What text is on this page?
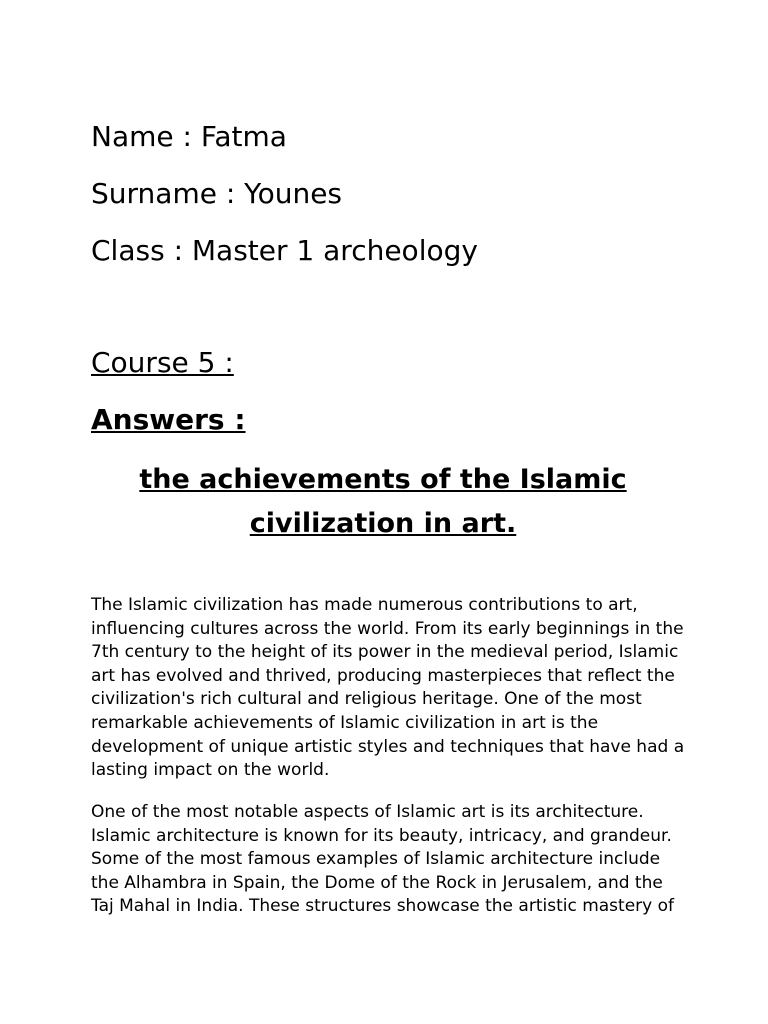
Name : Fatma
Surname : Younes
Class : Master 1 archeology
Course 5 :
Answers :
the achievements of the Islamic
civilization in art.
The Islamic civilization has made numerous contributions to art,
influencing cultures across the world. From its early beginnings in the
7th century to the height of its power in the medieval period, Islamic
art has evolved and thrived, producing masterpieces that reflect the
civilization's rich cultural and religious heritage. One of the most
remarkable achievements of Islamic civilization in art is the
development of unique artistic styles and techniques that have had a
lasting impact on the world.
One of the most notable aspects of Islamic art is its architecture.
Islamic architecture is known for its beauty, intricacy, and grandeur.
Some of the most famous examples of Islamic architecture include
the Alhambra in Spain, the Dome of the Rock in Jerusalem, and the
Taj Mahal in India. These structures showcase the artistic mastery of
